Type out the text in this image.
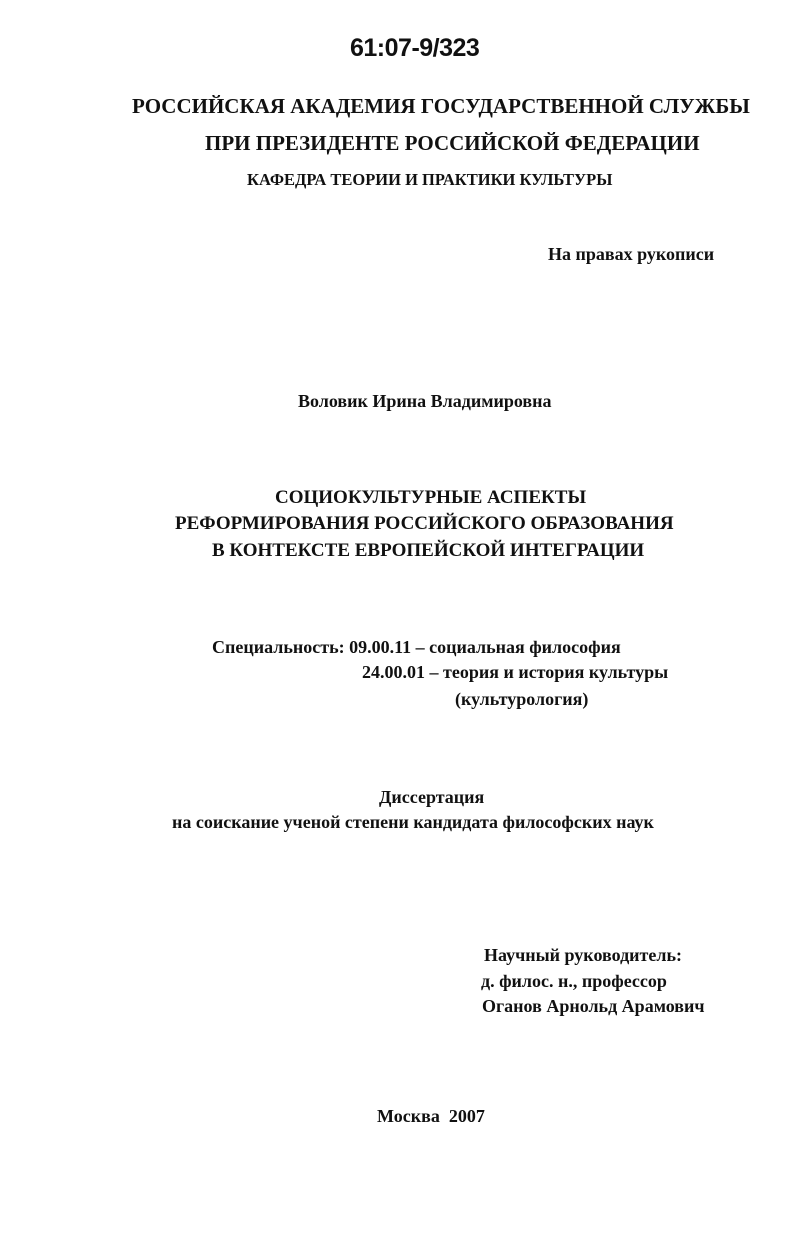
61:07-9/323
РОССИЙСКАЯ АКАДЕМИЯ ГОСУДАРСТВЕННОЙ СЛУЖБЫ
ПРИ ПРЕЗИДЕНТЕ РОССИЙСКОЙ ФЕДЕРАЦИИ
КАФЕДРА ТЕОРИИ И ПРАКТИКИ КУЛЬТУРЫ
На правах рукописи
Воловик Ирина Владимировна
СОЦИОКУЛЬТУРНЫЕ АСПЕКТЫ
РЕФОРМИРОВАНИЯ РОССИЙСКОГО ОБРАЗОВАНИЯ
В КОНТЕКСТЕ ЕВРОПЕЙСКОЙ ИНТЕГРАЦИИ
Специальность: 09.00.11 – социальная философия
24.00.01 – теория и история культуры
(культурология)
Диссертация
на соискание ученой степени кандидата философских наук
Научный руководитель:
д. филос. н., профессор
Оганов Арнольд Арамович
Москва  2007
